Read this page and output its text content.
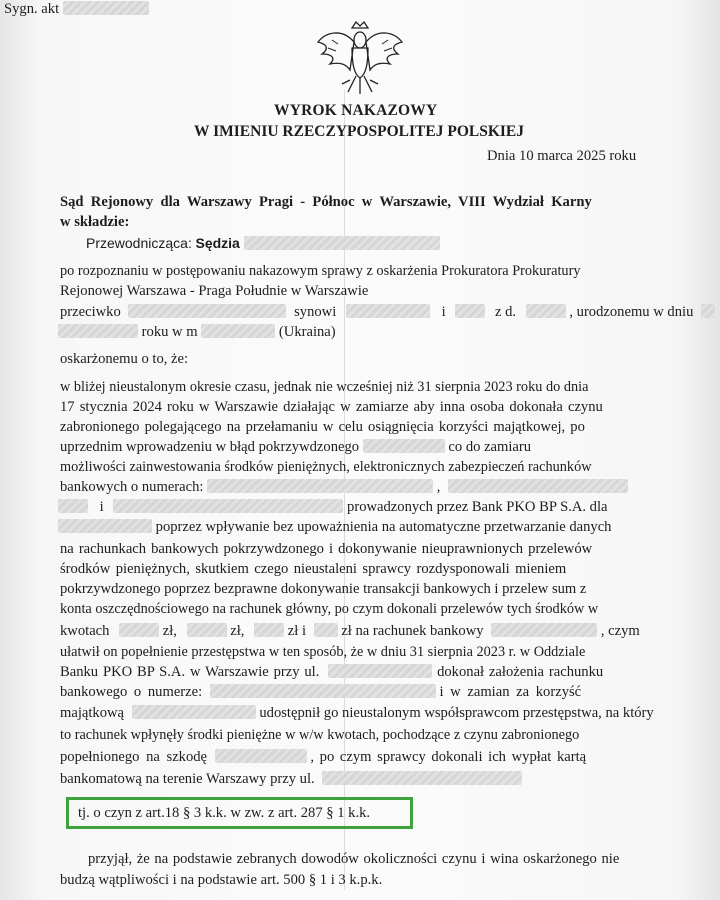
Sygn. akt
WYROK NAKAZOWY
W IMIENIU RZECZYPOSPOLITEJ POLSKIEJ
Dnia 10 marca 2025 roku
Sąd Rejonowy dla Warszawy Pragi - Północ w Warszawie, VIII Wydział Karny
w składzie:
Przewodnicząca: Sędzia
po rozpoznaniu w postępowaniu nakazowym sprawy z oskarżenia Prokuratora Prokuratury
Rejonowej Warszawa - Praga Południe w Warszawie
przeciwko	synowi	i	z d.	, urodzonemu w dniu
roku w m	(Ukraina)
oskarżonemu o to, że:
w bliżej nieustalonym okresie czasu, jednak nie wcześniej niż 31 sierpnia 2023 roku do dnia
17 stycznia 2024 roku w Warszawie działając w zamiarze aby inna osoba dokonała czynu
zabronionego polegającego na przełamaniu w celu osiągnięcia korzyści majątkowej, po
uprzednim wprowadzeniu w błąd pokrzywdzonego	co do zamiaru
możliwości zainwestowania środków pieniężnych, elektronicznych zabezpieczeń rachunków
bankowych o numerach:	,
i	prowadzonych przez Bank PKO BP S.A. dla
poprzez wpływanie bez upoważnienia na automatyczne przetwarzanie danych
na rachunkach bankowych pokrzywdzonego i dokonywanie nieuprawnionych przelewów
środków pieniężnych, skutkiem czego nieustaleni sprawcy rozdysponowali mieniem
pokrzywdzonego poprzez bezprawne dokonywanie transakcji bankowych i przelew sum z
konta oszczędnościowego na rachunek główny, po czym dokonali przelewów tych środków w
kwotach	zł,	zł,	zł i zł na rachunek bankowy	, czym
ułatwił on popełnienie przestępstwa w ten sposób, że w dniu 31 sierpnia 2023 r. w Oddziale
Banku PKO BP S.A. w Warszawie przy ul.	dokonał założenia rachunku
bankowego o numerze:	i w zamian za korzyść
majątkową	udostępnił go nieustalonym współsprawcom przestępstwa, na który
to rachunek wpłynęły środki pieniężne w w/w kwotach, pochodzące z czynu zabronionego
popełnionego na szkodę	, po czym sprawcy dokonali ich wypłat kartą
bankomatową na terenie Warszawy przy ul.
tj. o czyn z art.18 § 3 k.k. w zw. z art. 287 § 1 k.k.
przyjął, że na podstawie zebranych dowodów okoliczności czynu i wina oskarżonego nie
budzą wątpliwości i na podstawie art. 500 § 1 i 3 k.p.k.
